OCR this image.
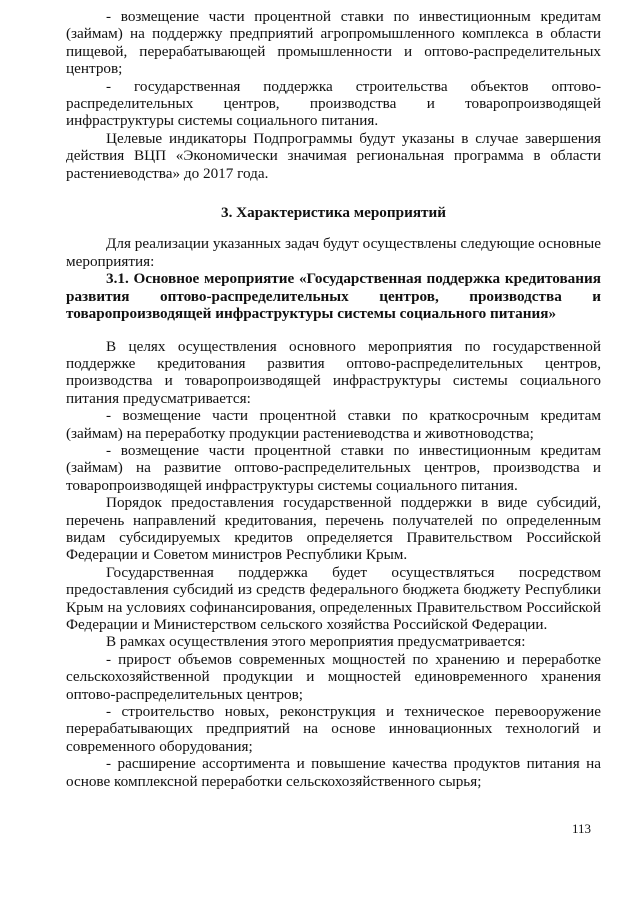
- возмещение части процентной ставки по инвестиционным кредитам (займам) на поддержку предприятий агропромышленного комплекса в области пищевой, перерабатывающей промышленности и оптово-распределительных центров;

- государственная поддержка строительства объектов оптово-распределительных центров, производства и товаропроизводящей инфраструктуры системы социального питания.

Целевые индикаторы Подпрограммы будут указаны в случае завершения действия ВЦП «Экономически значимая региональная программа в области растениеводства» до 2017 года.

3. Характеристика мероприятий

Для реализации указанных задач будут осуществлены следующие основные мероприятия:

3.1. Основное мероприятие «Государственная поддержка кредитования развития оптово-распределительных центров, производства и товаропроизводящей инфраструктуры системы социального питания»

В целях осуществления основного мероприятия по государственной поддержке кредитования развития оптово-распределительных центров, производства и товаропроизводящей инфраструктуры системы социального питания предусматривается:

- возмещение части процентной ставки по краткосрочным кредитам (займам) на переработку продукции растениеводства и животноводства;

- возмещение части процентной ставки по инвестиционным кредитам (займам) на развитие оптово-распределительных центров, производства и товаропроизводящей инфраструктуры системы социального питания.

Порядок предоставления государственной поддержки в виде субсидий, перечень направлений кредитования, перечень получателей по определенным видам субсидируемых кредитов определяется Правительством Российской Федерации и Советом министров Республики Крым.

Государственная поддержка будет осуществляться посредством предоставления субсидий из средств федерального бюджета бюджету Республики Крым на условиях софинансирования, определенных Правительством Российской Федерации и Министерством сельского хозяйства Российской Федерации.

В рамках осуществления этого мероприятия предусматривается:

- прирост объемов современных мощностей по хранению и переработке сельскохозяйственной продукции и мощностей единовременного хранения оптово-распределительных центров;

- строительство новых, реконструкция и техническое перевооружение перерабатывающих предприятий на основе инновационных технологий и современного оборудования;

- расширение ассортимента и повышение качества продуктов питания на основе комплексной переработки сельскохозяйственного сырья;

113
